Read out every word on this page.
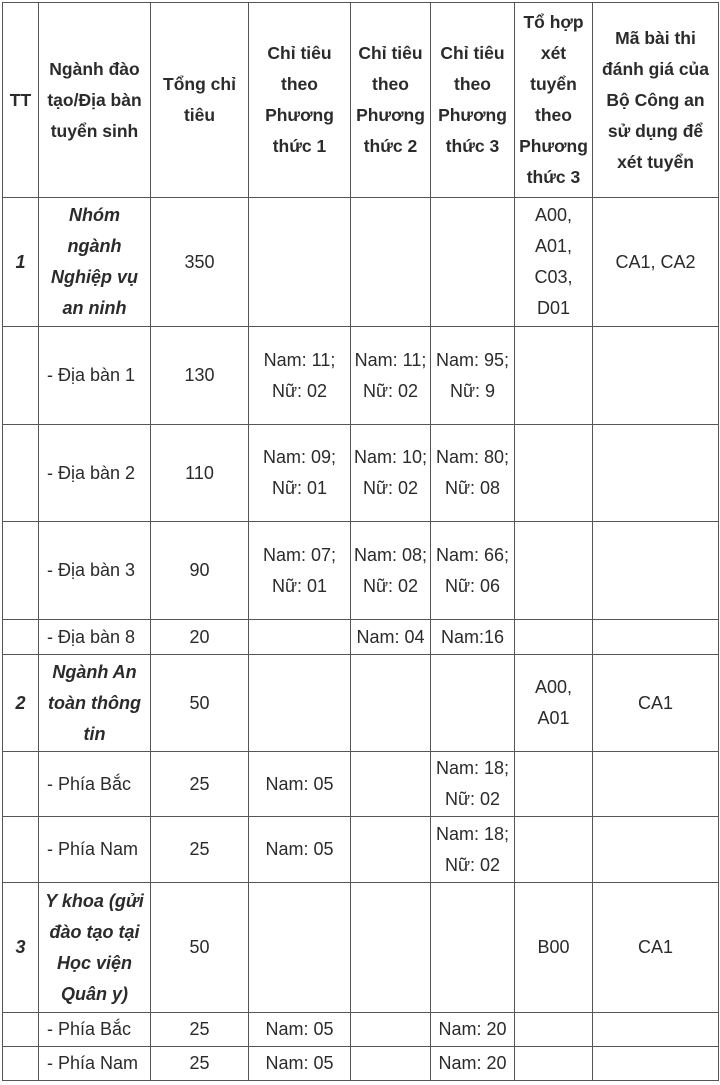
TT	Ngành đào tạo/Địa bàn tuyển sinh	Tổng chỉ tiêu	Chỉ tiêu theo Phương thức 1	Chỉ tiêu theo Phương thức 2	Chỉ tiêu theo Phương thức 3	Tổ hợp xét tuyển theo Phương thức 3	Mã bài thi đánh giá của Bộ Công an sử dụng để xét tuyển
1	Nhóm ngành Nghiệp vụ an ninh	350				A00, A01, C03, D01	CA1, CA2
	- Địa bàn 1	130	Nam: 11; Nữ: 02	Nam: 11; Nữ: 02	Nam: 95; Nữ: 9		
	- Địa bàn 2	110	Nam: 09; Nữ: 01	Nam: 10; Nữ: 02	Nam: 80; Nữ: 08		
	- Địa bàn 3	90	Nam: 07; Nữ: 01	Nam: 08; Nữ: 02	Nam: 66; Nữ: 06		
	- Địa bàn 8	20		Nam: 04	Nam:16		
2	Ngành An toàn thông tin	50				A00, A01	CA1
	- Phía Bắc	25	Nam: 05		Nam: 18; Nữ: 02		
	- Phía Nam	25	Nam: 05		Nam: 18; Nữ: 02		
3	Y khoa (gửi đào tạo tại Học viện Quân y)	50				B00	CA1
	- Phía Bắc	25	Nam: 05		Nam: 20		
	- Phía Nam	25	Nam: 05		Nam: 20		
